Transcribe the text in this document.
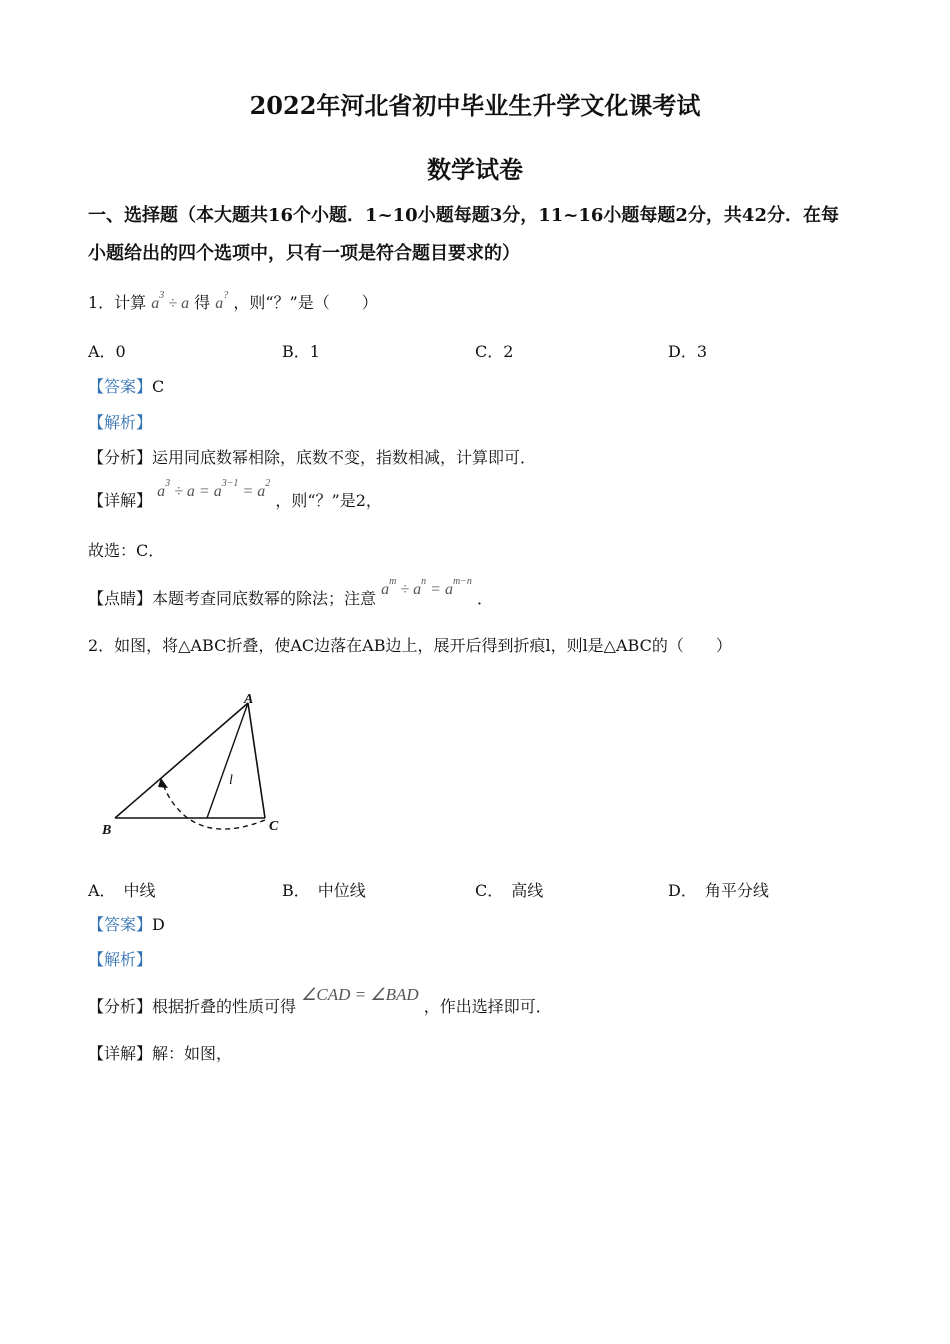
2022年河北省初中毕业生升学文化课考试
数学试卷
一、选择题（本大题共16个小题．1~10小题每题3分，11~16小题每题2分，共42分．在每
小题给出的四个选项中，只有一项是符合题目要求的）
1．计算 $a^3 \div a$ 得 a? ，则“？”是（　　）
A．0	B．1	C．2	D．3
【答案】C
【解析】
【分析】运用同底数幂相除，底数不变，指数相减，计算即可．
【详解】 $a^3 \div a = a^{3-1} = a^2$ ，则“？”是2，
故选：C．
【点睛】本题考查同底数幂的除法；注意 $a^m \div a^n = a^{m-n}$ ．
2．如图，将△ABC折叠，使AC边落在AB边上，展开后得到折痕l，则l是△ABC的（　　）
A
B	C
l
A．　中线	B．　中位线	C．　高线	D．　角平分线
【答案】D
【解析】
【分析】根据折叠的性质可得 ∠CAD = ∠BAD ，作出选择即可．
【详解】解：如图，
